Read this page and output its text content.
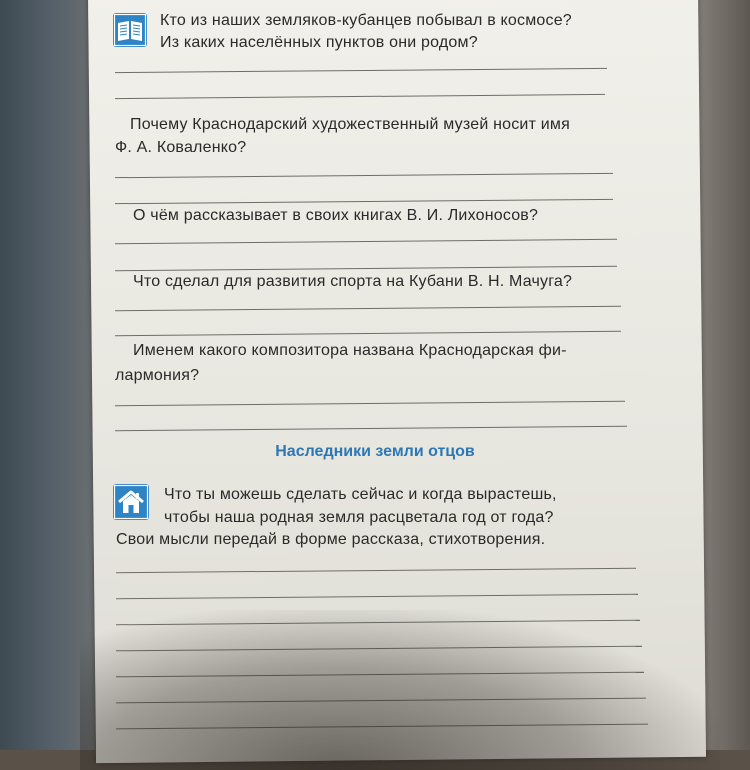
Кто из наших земляков-кубанцев побывал в космосе?
Из каких населённых пунктов они родом?
Почему Краснодарский художественный музей носит имя
Ф. А. Коваленко?
О чём рассказывает в своих книгах В. И. Лихоносов?
Что сделал для развития спорта на Кубани В. Н. Мачуга?
Именем какого композитора названа Краснодарская фи-
лармония?
Наследники земли отцов
Что ты можешь сделать сейчас и когда вырастешь,
чтобы наша родная земля расцветала год от года?
Свои мысли передай в форме рассказа, стихотворения.
